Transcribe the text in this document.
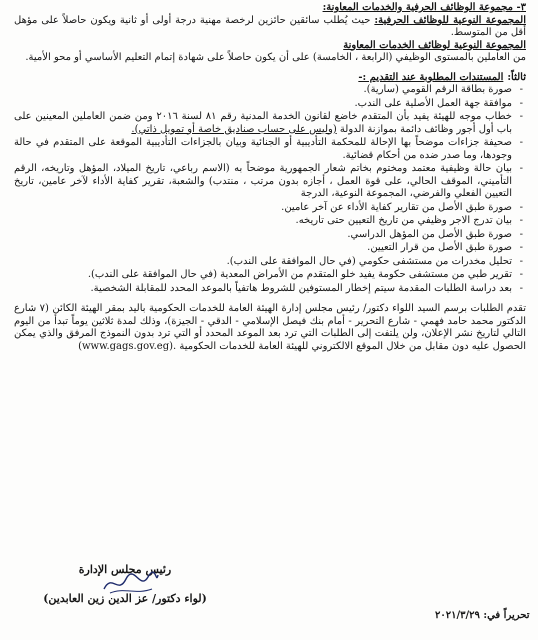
٣- مجموعة الوظائف الحرفية والخدمات المعاونة:

المجموعة النوعية للوظائف الحرفية: حيث يُطلب سائقين حائزين لرخصة مهنية درجة أولى أو ثانية ويكون حاصلاً على مؤهل أقل من المتوسط.

المجموعة النوعية لوظائف الخدمات المعاونة

من العاملين بالمستوى الوظيفي (الرابعة ، الخامسة) على أن يكون حاصلاً على شهادة إتمام التعليم الأساسي أو محو الأمية.

ثالثاً:المستندات المطلوبة عند التقديم :-

- صورة بطاقة الرقم القومي (سارية).
- موافقة جهة العمل الأصلية على الندب.
- خطاب موجه للهيئة يفيد بأن المتقدم خاضع لقانون الخدمة المدنية رقم ٨١ لسنة ٢٠١٦ ومن ضمن العاملين المعينين على باب أول أجور وظائف دائمة بموازنة الدولة (وليس على حساب صناديق خاصة أو تمويل ذاتي).
- صحيفة جزاءات موضحاً بها الإحالة للمحكمة التأديبية أو الجنائية وبيان بالجزاءات التأديبية الموقعة على المتقدم في حالة وجودها، وما صدر ضده من أحكام قضائية.
- بيان حالة وظيفية معتمد ومختوم بخاتم شعار الجمهورية موضحاً به (الاسم رباعي، تاريخ الميلاد، المؤهل وتاريخه، الرقم التأميني، الموقف الحالي، على قوة العمل ، أجازه بدون مرتب ، منتدب) والشعبة، تقرير كفاية الأداء لآخر عامين، تاريخ التعيين الفعلي والفرضي، المجموعة النوعية، الدرجة
- صورة طبق الأصل من تقارير كفاية الأداء عن آخر عامين.
- بيان تدرج الاجر وظيفي من تاريخ التعيين حتى تاريخه.
- صورة طبق الأصل من المؤهل الدراسي.
- صورة طبق الأصل من قرار التعيين.
- تحليل مخدرات من مستشفى حكومي (في حال الموافقة على الندب).
- تقرير طبي من مستشفى حكومة يفيد خلو المتقدم من الأمراض المعدية (في حال الموافقة على الندب).
- بعد دراسة الطلبات المقدمة سيتم إخطار المستوفين للشروط هاتفياً بالموعد المحدد للمقابلة الشخصية.

تقدم الطلبات برسم السيد اللواء دكتور/ رئيس مجلس إدارة الهيئة العامة للخدمات الحكومية باليد بمقر الهيئة الكائن (٧ شارع الدكتور محمد حامد فهمي - شارع التحرير - أمام بنك فيصل الإسلامي - الدقي - الجيزة)، وذلك لمدة ثلاثين يوماً تبدأ من اليوم التالي لتاريخ نشر الإعلان، ولن يلتفت إلى الطلبات التي ترد بعد الموعد المحدد أو التي ترد بدون النموذج المرفق والذي يمكن الحصول عليه دون مقابل من خلال الموقع الالكتروني للهيئة العامة للخدمات الحكومية (www.gags.gov.eg).

رئيس مجلس الإدارة
(لواء دكتور/ عز الدين زين العابدين)
تحريراً في: ٢٠٢١/٣/٢٩
